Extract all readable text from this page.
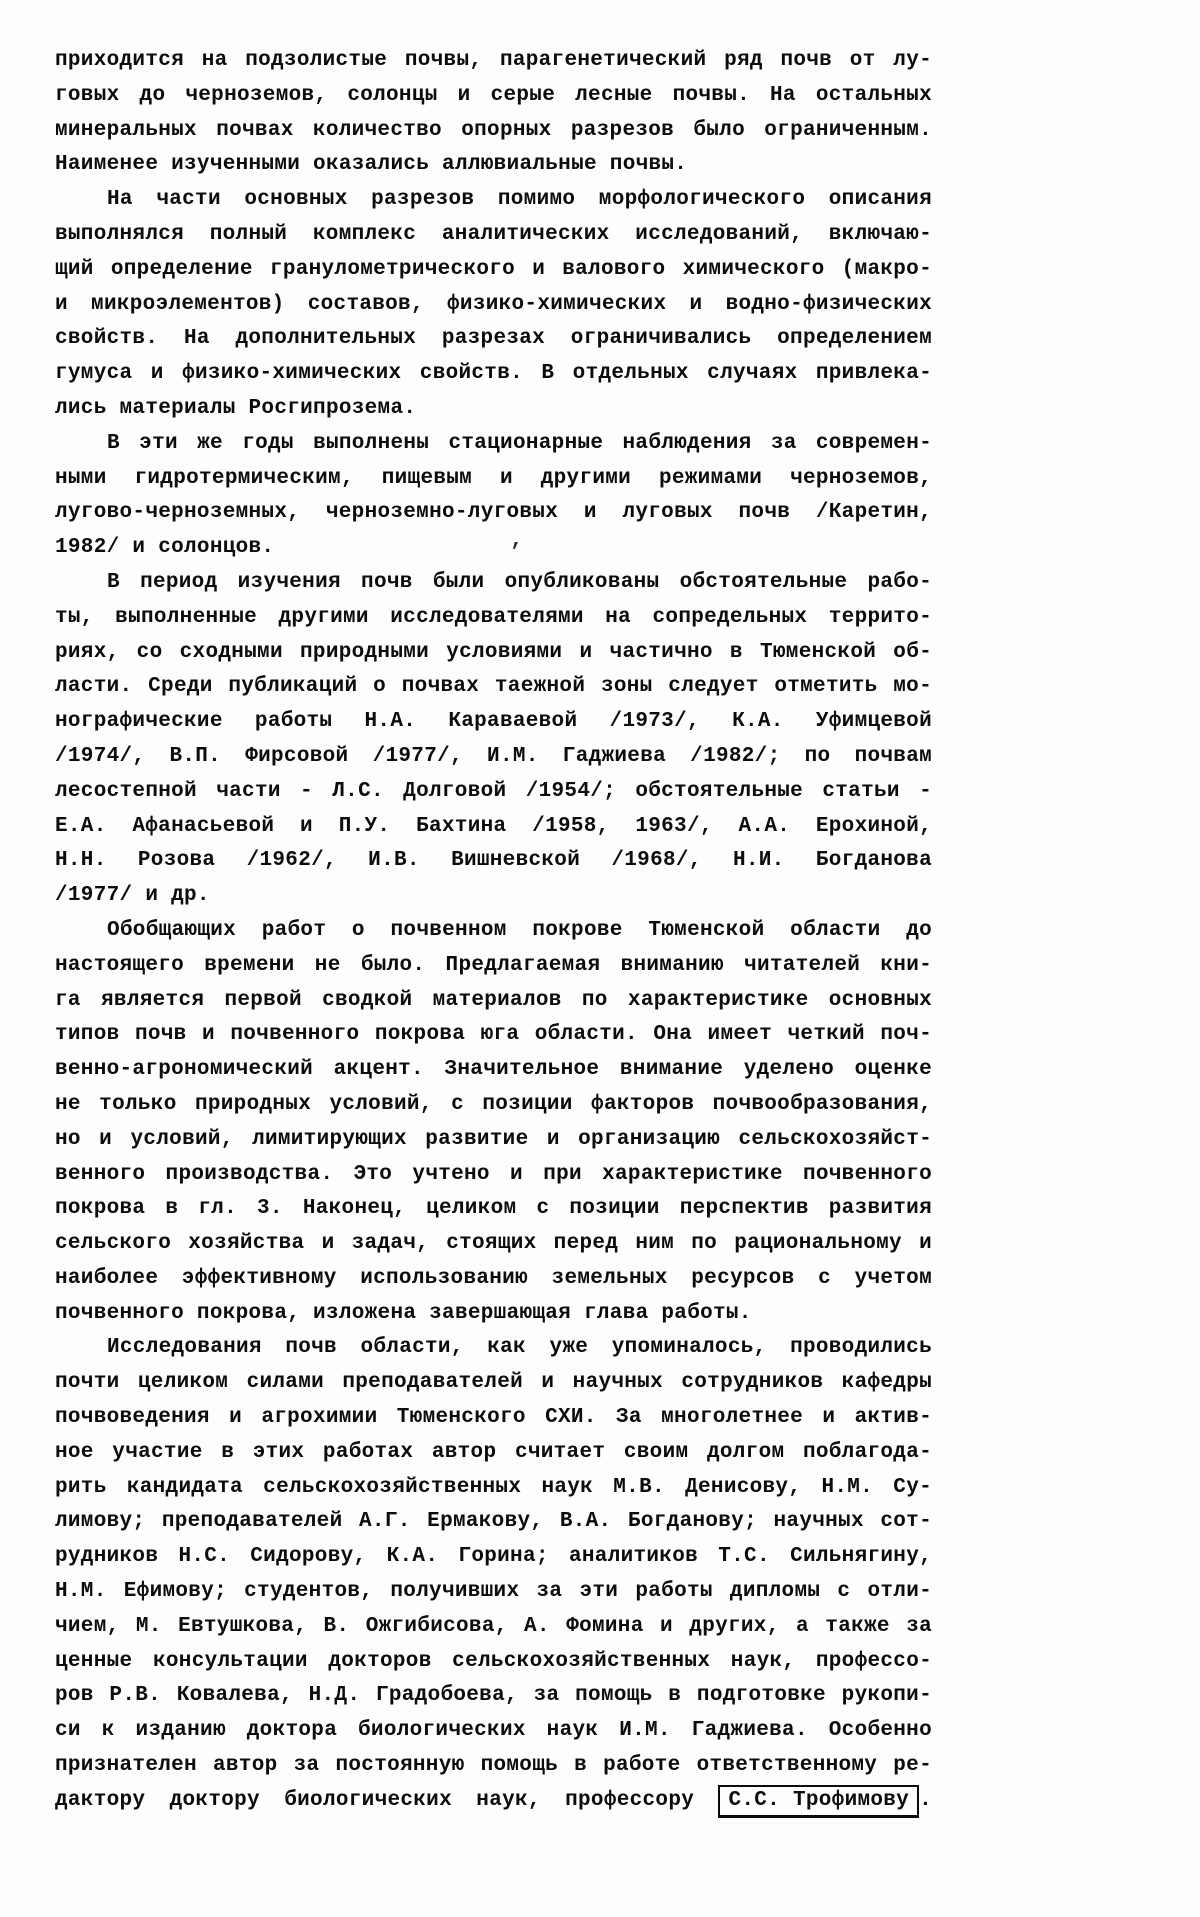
приходится на подзолистые почвы, парагенетический ряд почв от лу-
говых до черноземов, солонцы и серые лесные почвы. На остальных
минеральных почвах количество опорных разрезов было ограниченным.
Наименее изученными оказались аллювиальные почвы.
На части основных разрезов помимо морфологического описания
выполнялся полный комплекс аналитических исследований, включаю-
щий определение гранулометрического и валового химического (макро-
и микроэлементов) составов, физико-химических и водно-физических
свойств. На дополнительных разрезах ограничивались определением
гумуса и физико-химических свойств. В отдельных случаях привлека-
лись материалы Росгипрозема.
В эти же годы выполнены стационарные наблюдения за современ-
ными гидротермическим, пищевым и другими режимами черноземов,
лугово-черноземных, черноземно-луговых и луговых почв /Каретин,
1982/ и солонцов.	,
В период изучения почв были опубликованы обстоятельные рабо-
ты, выполненные другими исследователями на сопредельных террито-
риях, со сходными природными условиями и частично в Тюменской об-
ласти. Среди публикаций о почвах таежной зоны следует отметить мо-
нографические работы Н.А. Караваевой /1973/, К.А. Уфимцевой
/1974/, В.П. Фирсовой /1977/, И.М. Гаджиева /1982/; по почвам
лесостепной части - Л.С. Долговой /1954/; обстоятельные статьи -
Е.А. Афанасьевой и П.У. Бахтина /1958, 1963/, А.А. Ерохиной,
Н.Н. Розова /1962/, И.В. Вишневской /1968/, Н.И. Богданова
/1977/ и др.
Обобщающих работ о почвенном покрове Тюменской области до
настоящего времени не было. Предлагаемая вниманию читателей кни-
га является первой сводкой материалов по характеристике основных
типов почв и почвенного покрова юга области. Она имеет четкий поч-
венно-агрономический акцент. Значительное внимание уделено оценке
не только природных условий, с позиции факторов почвообразования,
но и условий, лимитирующих развитие и организацию сельскохозяйст-
венного производства. Это учтено и при характеристике почвенного
покрова в гл. 3. Наконец, целиком с позиции перспектив развития
сельского хозяйства и задач, стоящих перед ним по рациональному и
наиболее эффективному использованию земельных ресурсов с учетом
почвенного покрова, изложена завершающая глава работы.
Исследования почв области, как уже упоминалось, проводились
почти целиком силами преподавателей и научных сотрудников кафедры
почвоведения и агрохимии Тюменского СХИ. За многолетнее и актив-
ное участие в этих работах автор считает своим долгом поблагода-
рить кандидата сельскохозяйственных наук М.В. Денисову, Н.М. Су-
лимову; преподавателей А.Г. Ермакову, В.А. Богданову; научных сот-
рудников Н.С. Сидорову, К.А. Горина; аналитиков Т.С. Сильнягину,
Н.М. Ефимову; студентов, получивших за эти работы дипломы с отли-
чием, М. Евтушкова, В. Ожгибисова, А. Фомина и других, а также за
ценные консультации докторов сельскохозяйственных наук, профессо-
ров Р.В. Ковалева, Н.Д. Градобоева, за помощь в подготовке рукопи-
си к изданию доктора биологических наук И.М. Гаджиева. Особенно
признателен автор за постоянную помощь в работе ответственному ре-
дактору доктору биологических наук, профессору С.С. Трофимову .
